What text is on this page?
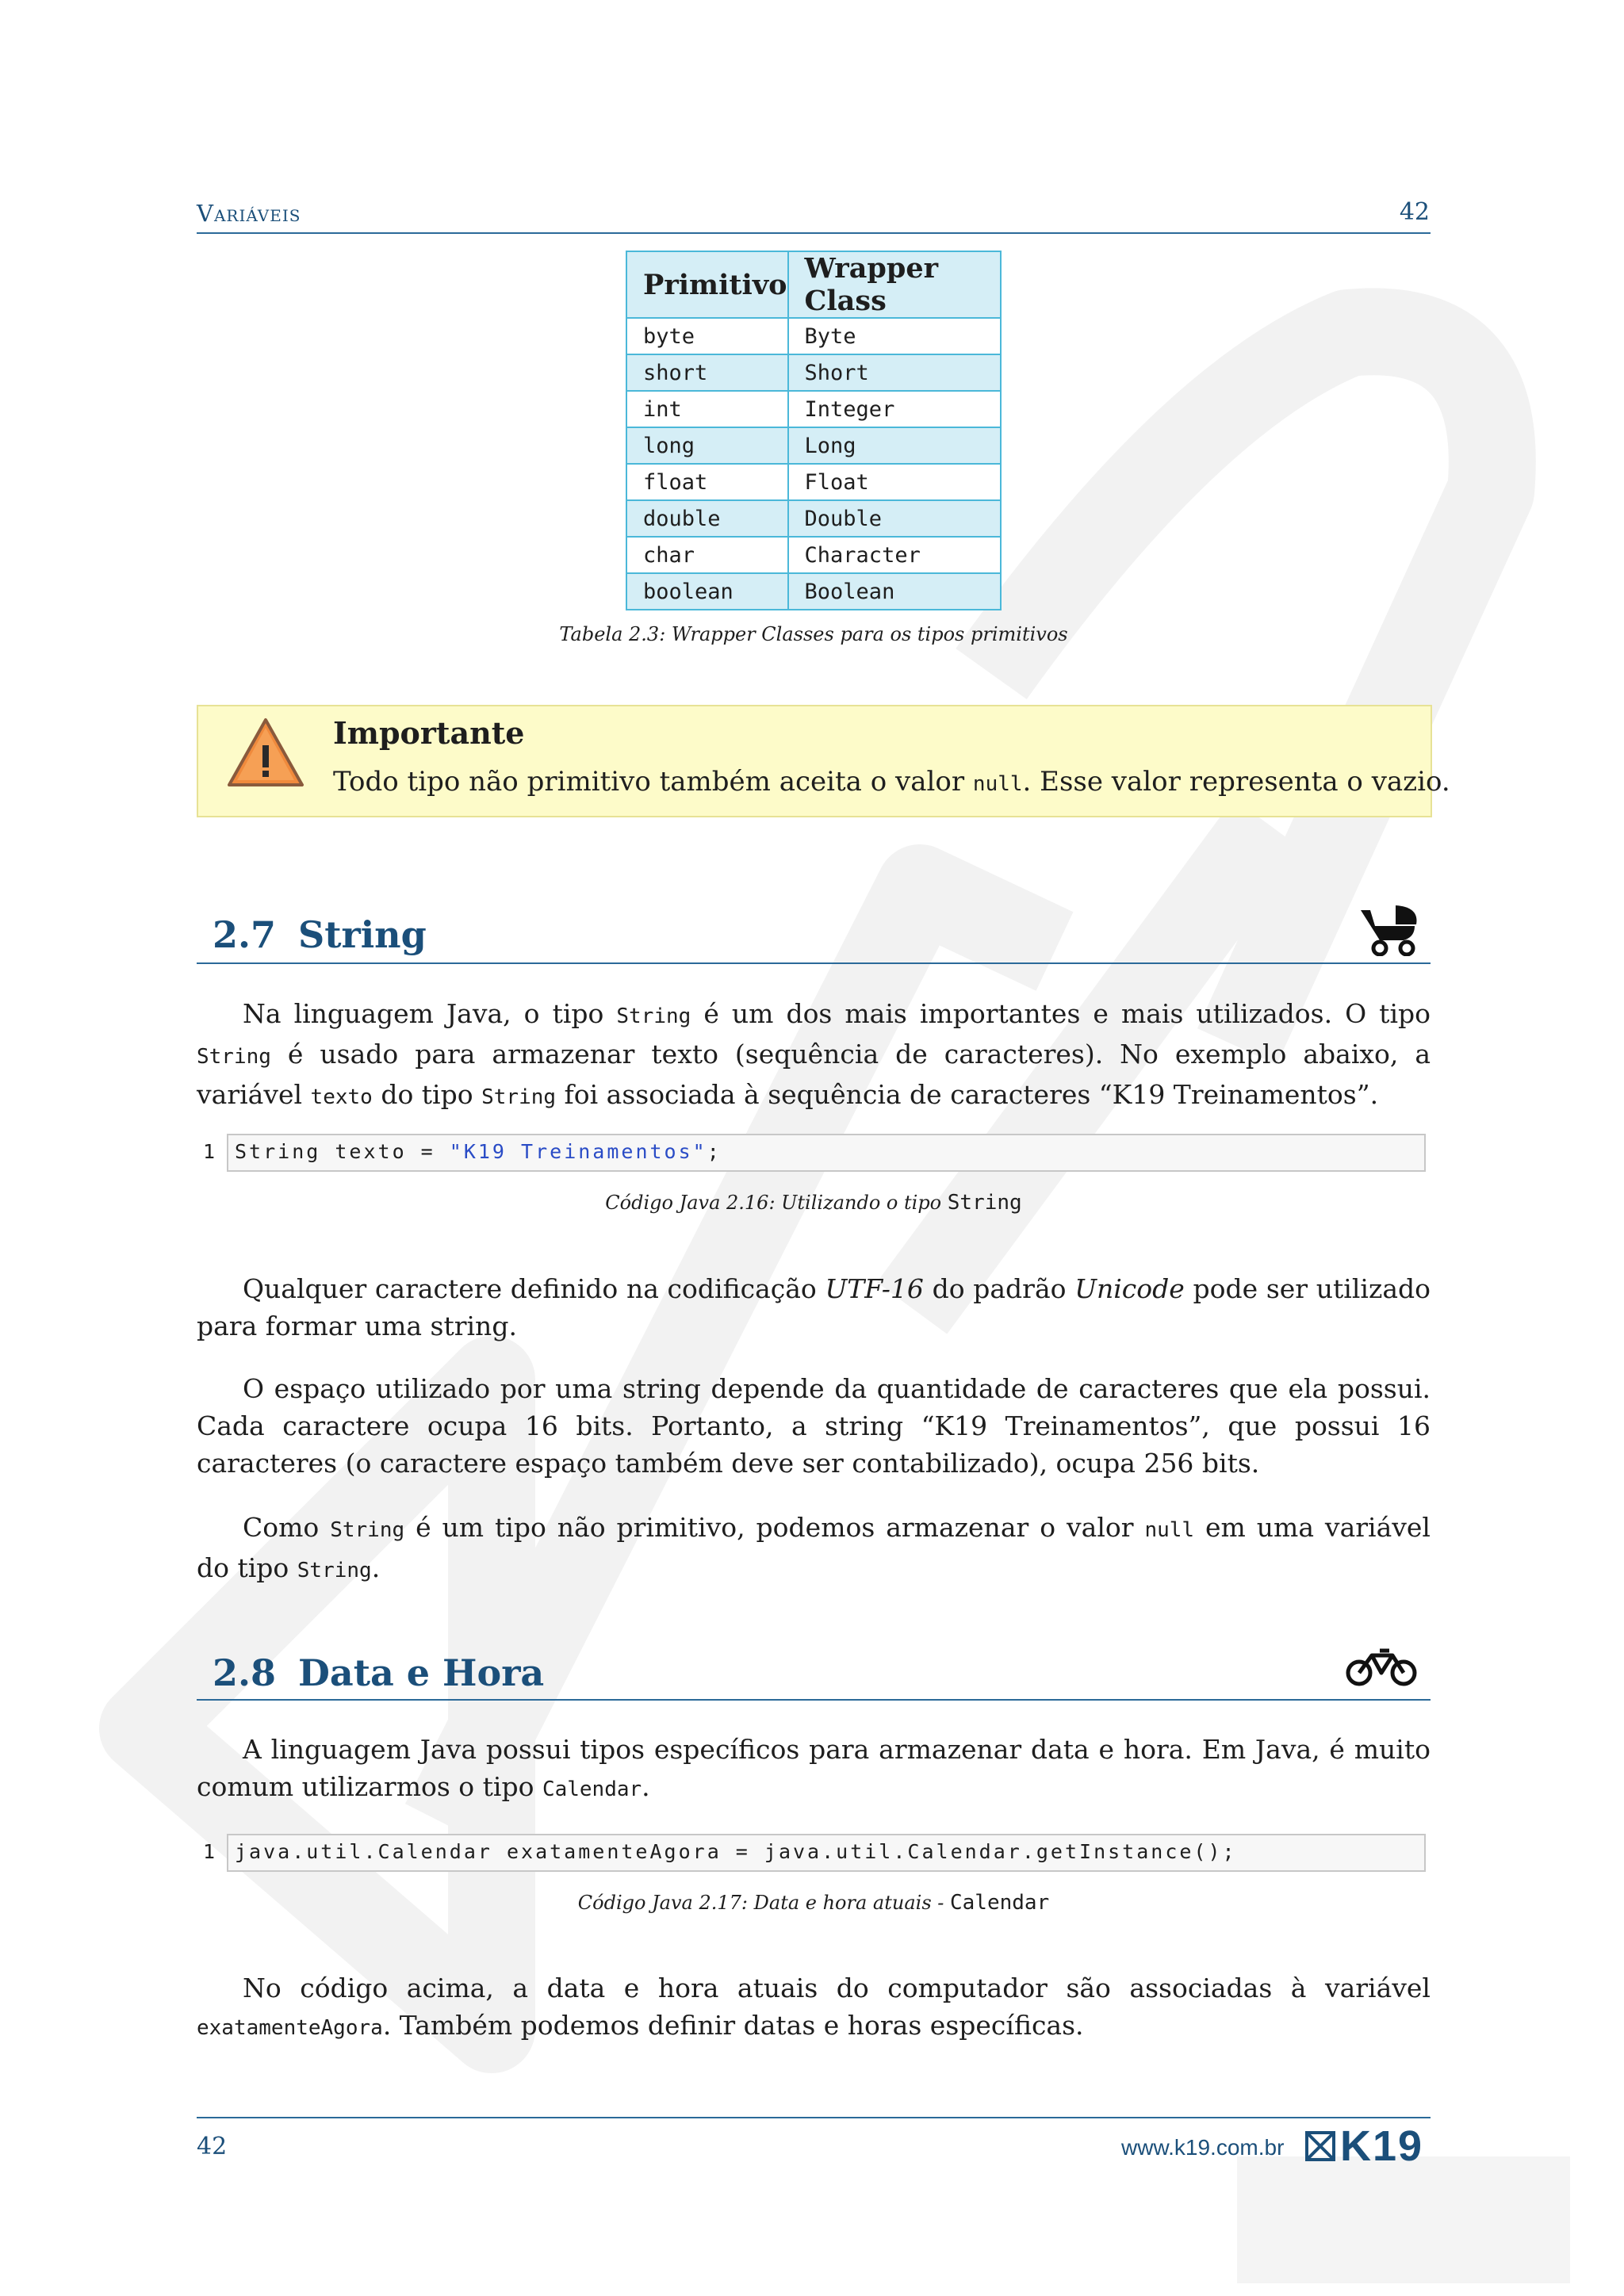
Variáveis	42
Primitivo	Wrapper Class
byte	Byte
short	Short
int	Integer
long	Long
float	Float
double	Double
char	Character
boolean	Boolean
Tabela 2.3: Wrapper Classes para os tipos primitivos
Importante
Todo tipo não primitivo também aceita o valor null. Esse valor representa o vazio.
2.7 String
Na linguagem Java, o tipo String é um dos mais importantes e mais utilizados. O tipo String é usado para armazenar texto (sequência de caracteres). No exemplo abaixo, a variável texto do tipo String foi associada à sequência de caracteres “K19 Treinamentos”.
1 String texto = "K19 Treinamentos";
Código Java 2.16: Utilizando o tipo String
Qualquer caractere definido na codificação UTF-16 do padrão Unicode pode ser utilizado para formar uma string.
O espaço utilizado por uma string depende da quantidade de caracteres que ela possui. Cada caractere ocupa 16 bits. Portanto, a string “K19 Treinamentos”, que possui 16 caracteres (o caractere espaço também deve ser contabilizado), ocupa 256 bits.
Como String é um tipo não primitivo, podemos armazenar o valor null em uma variável do tipo String.
2.8 Data e Hora
A linguagem Java possui tipos específicos para armazenar data e hora. Em Java, é muito comum utilizarmos o tipo Calendar.
1 java.util.Calendar exatamenteAgora = java.util.Calendar.getInstance();
Código Java 2.17: Data e hora atuais - Calendar
No código acima, a data e hora atuais do computador são associadas à variável exatamenteAgora. Também podemos definir datas e horas específicas.
42	www.k19.com.br K19
